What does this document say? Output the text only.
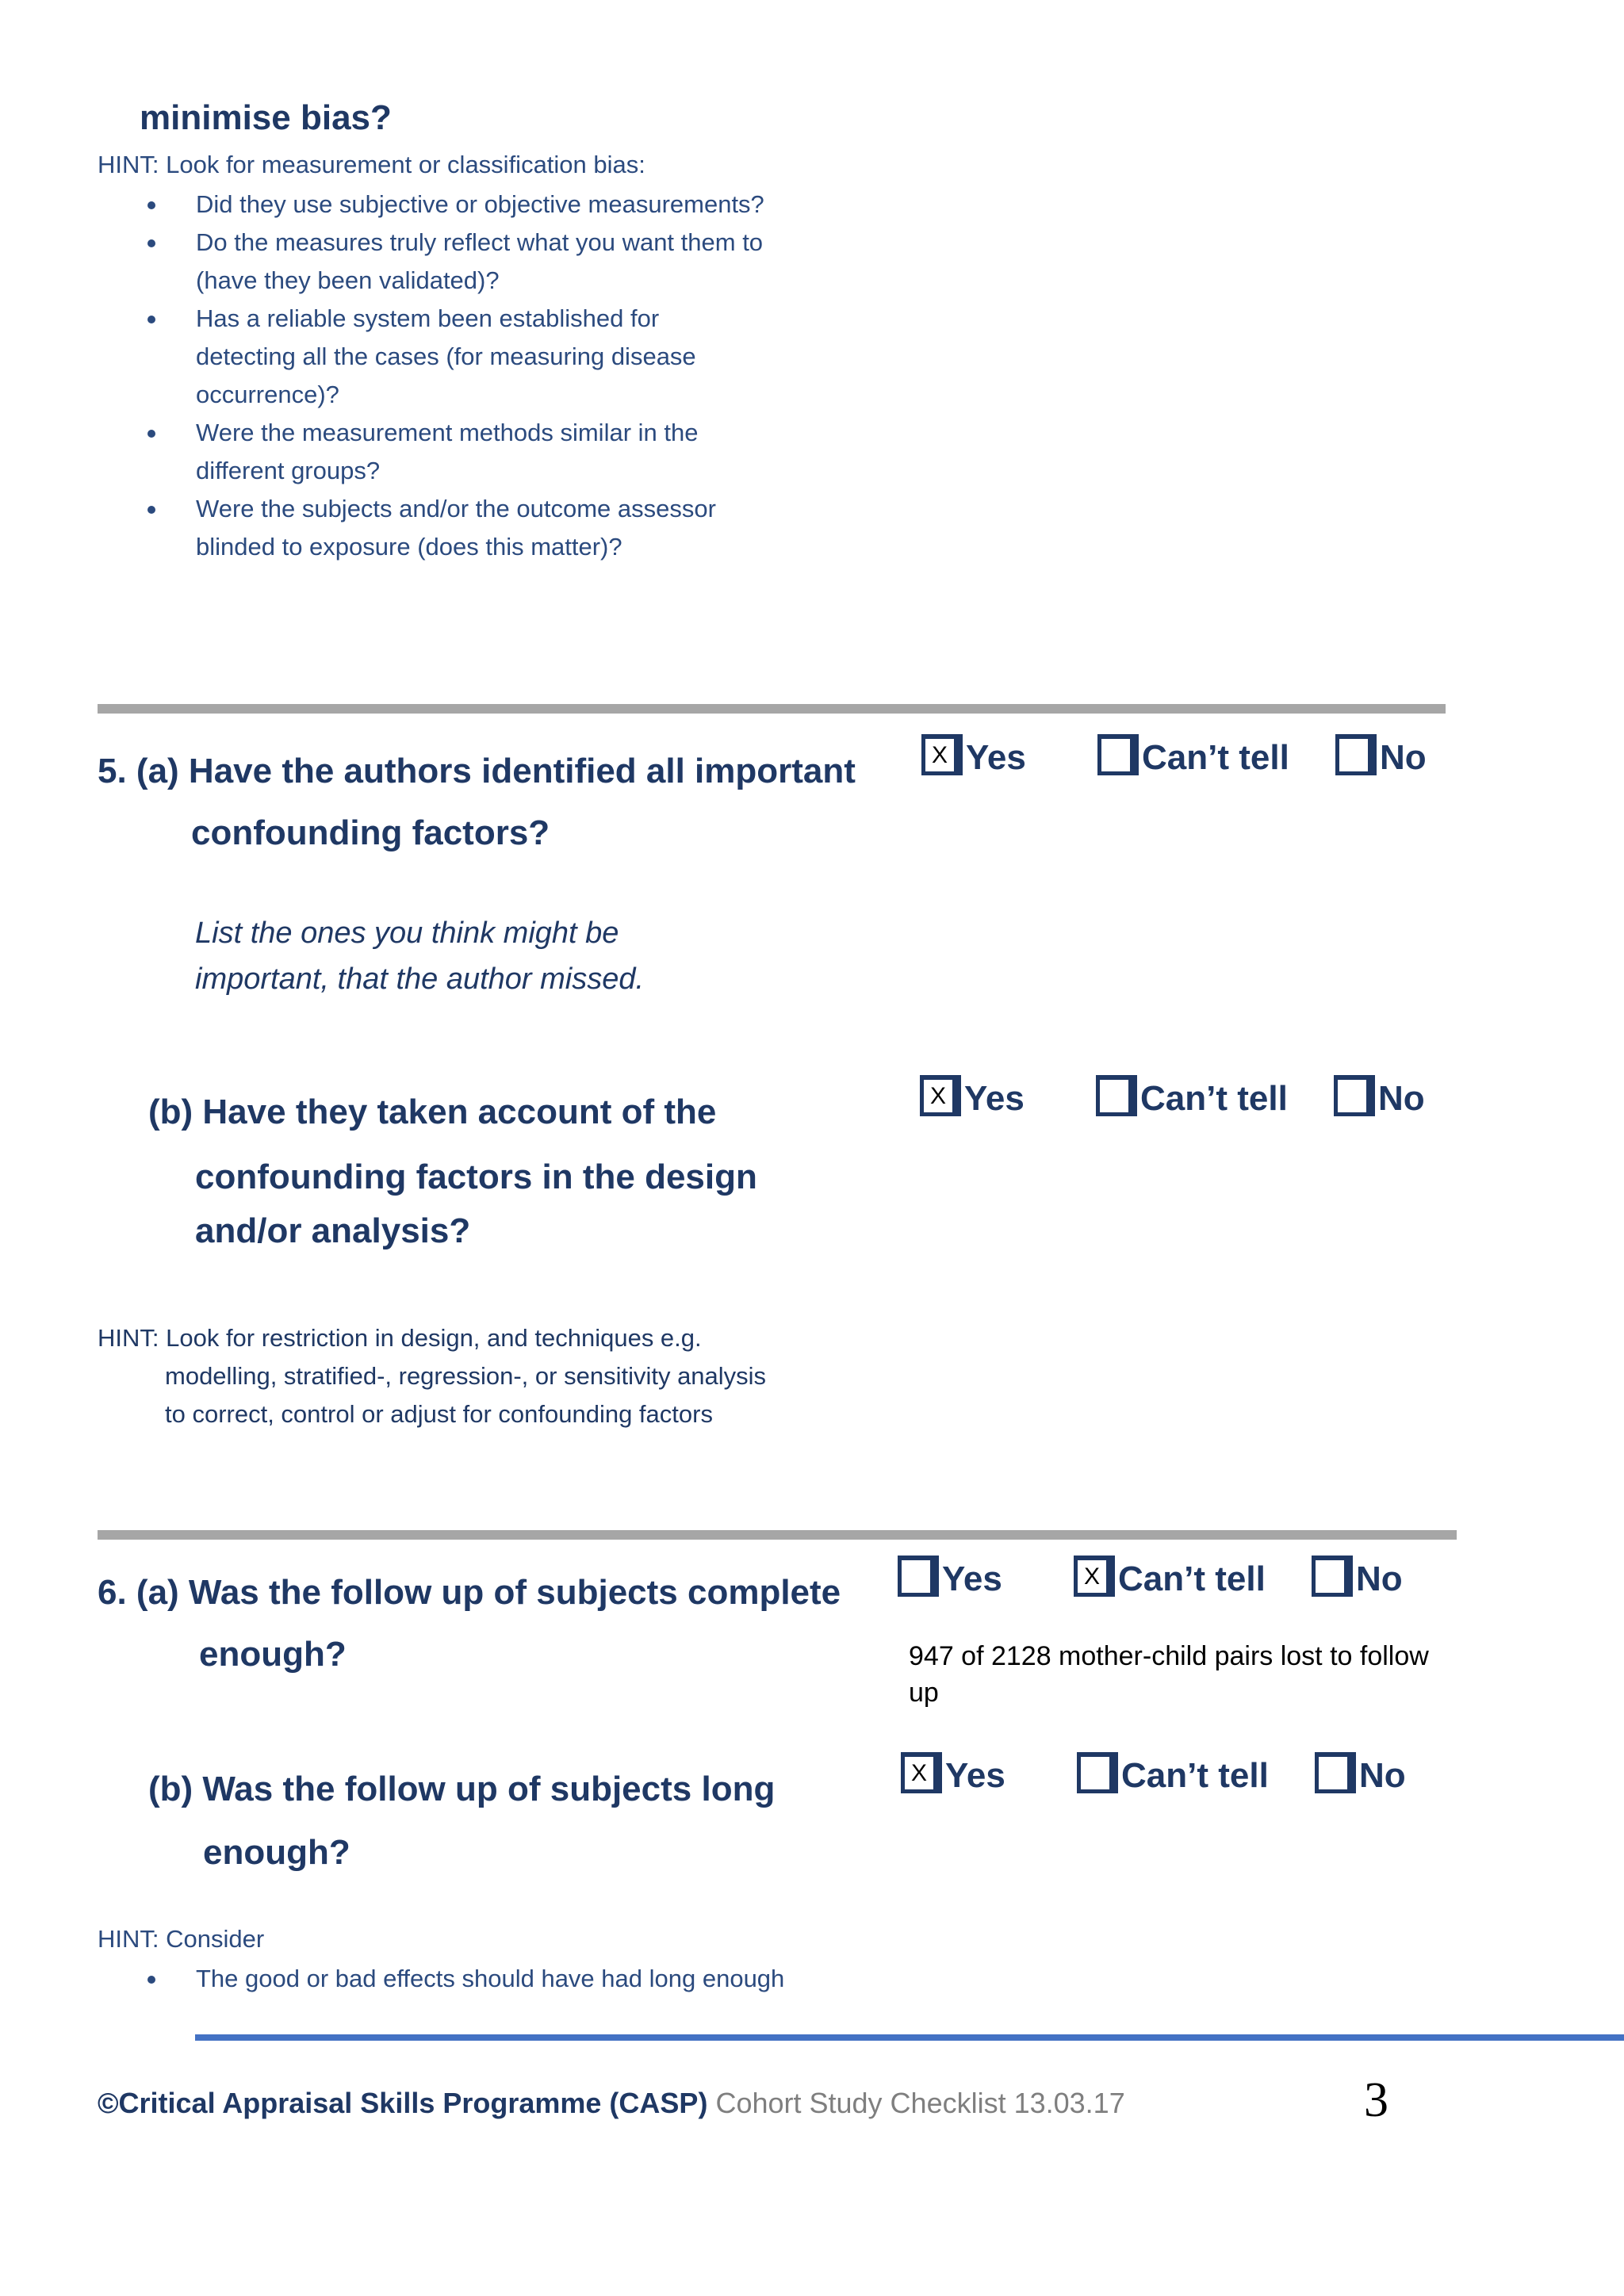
minimise bias?
HINT: Look for measurement or classification bias:
Did they use subjective or objective measurements?
Do the measures truly reflect what you want them to
(have they been validated)?
Has a reliable system been established for
detecting all the cases (for measuring disease
occurrence)?
Were the measurement methods similar in the
different groups?
Were the subjects and/or the outcome assessor
blinded to exposure (does this matter)?
5. (a) Have the authors identified all important
confounding factors?
X Yes	Can’t tell	No
List the ones you think might be
important, that the author missed.
(b) Have they taken account of the
confounding factors in the design
and/or analysis?
X Yes	Can’t tell	No
HINT: Look for restriction in design, and techniques e.g.
modelling, stratified-, regression-, or sensitivity analysis
to correct, control or adjust for confounding factors
6. (a) Was the follow up of subjects complete
enough?
Yes	X Can’t tell	No
947 of 2128 mother-child pairs lost to follow
up
(b) Was the follow up of subjects long
enough?
X Yes	Can’t tell	No
HINT: Consider
The good or bad effects should have had long enough
©Critical Appraisal Skills Programme (CASP) Cohort Study Checklist 13.03.17	3
